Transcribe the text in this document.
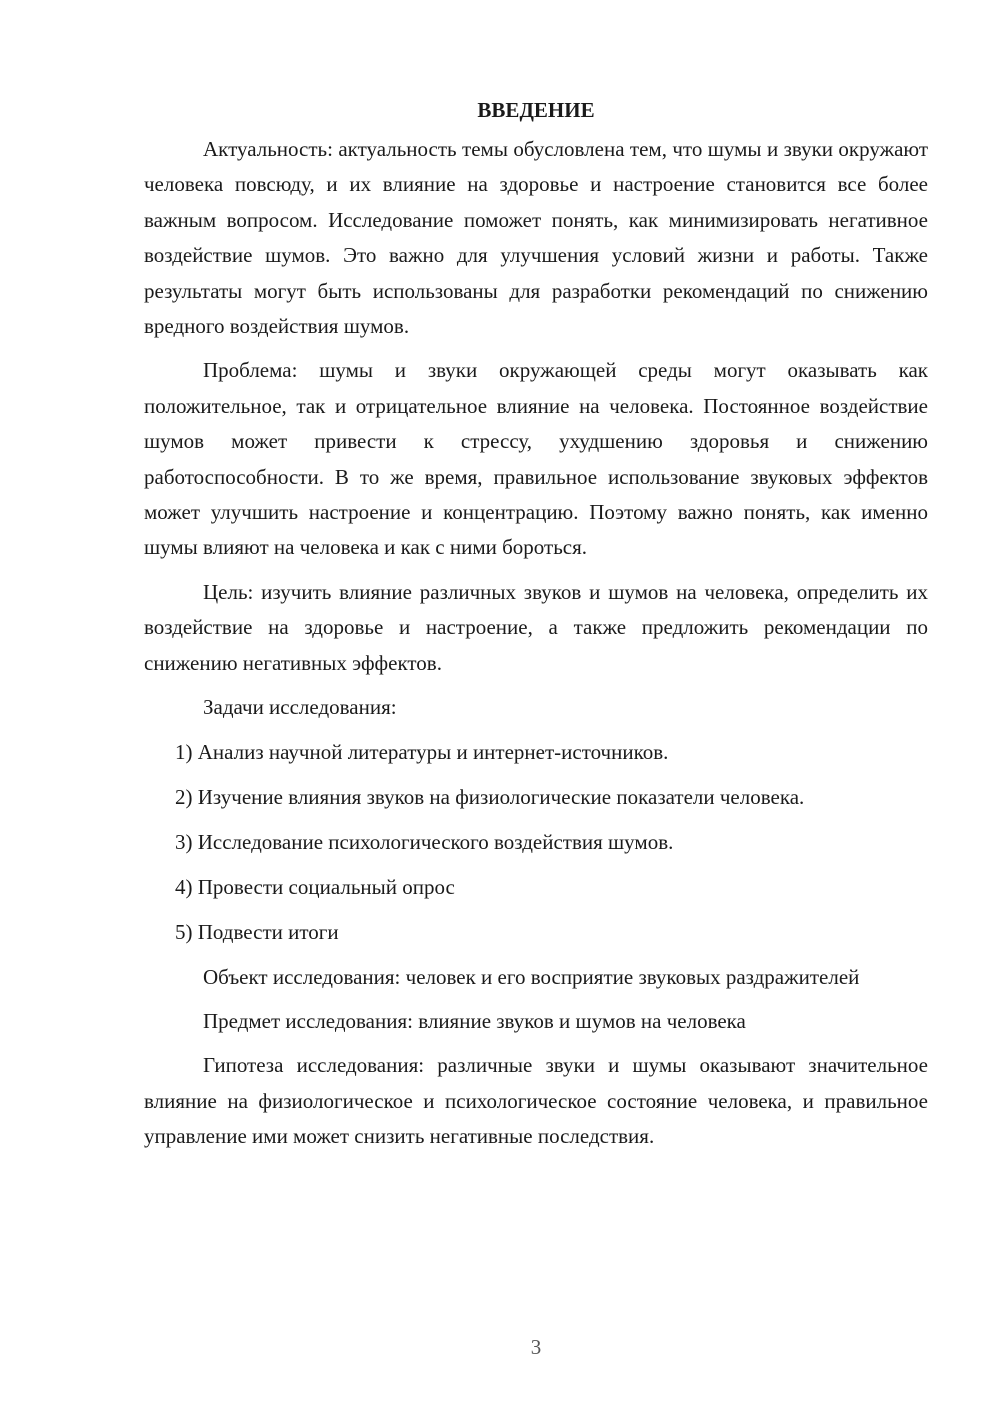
ВВЕДЕНИЕ

Актуальность: актуальность темы обусловлена тем, что шумы и звуки окружают человека повсюду, и их влияние на здоровье и настроение становится все более важным вопросом. Исследование поможет понять, как минимизировать негативное воздействие шумов. Это важно для улучшения условий жизни и работы. Также результаты могут быть использованы для разработки рекомендаций по снижению вредного воздействия шумов.

Проблема: шумы и звуки окружающей среды могут оказывать как положительное, так и отрицательное влияние на человека. Постоянное воздействие шумов может привести к стрессу, ухудшению здоровья и снижению работоспособности. В то же время, правильное использование звуковых эффектов может улучшить настроение и концентрацию. Поэтому важно понять, как именно шумы влияют на человека и как с ними бороться.

Цель: изучить влияние различных звуков и шумов на человека, определить их воздействие на здоровье и настроение, а также предложить рекомендации по снижению негативных эффектов.

Задачи исследования:

1) Анализ научной литературы и интернет-источников.
2) Изучение влияния звуков на физиологические показатели человека.
3) Исследование психологического воздействия шумов.
4) Провести социальный опрос
5) Подвести итоги

Объект исследования: человек и его восприятие звуковых раздражителей

Предмет исследования: влияние звуков и шумов на человека

Гипотеза исследования: различные звуки и шумы оказывают значительное влияние на физиологическое и психологическое состояние человека, и правильное управление ими может снизить негативные последствия.

3
